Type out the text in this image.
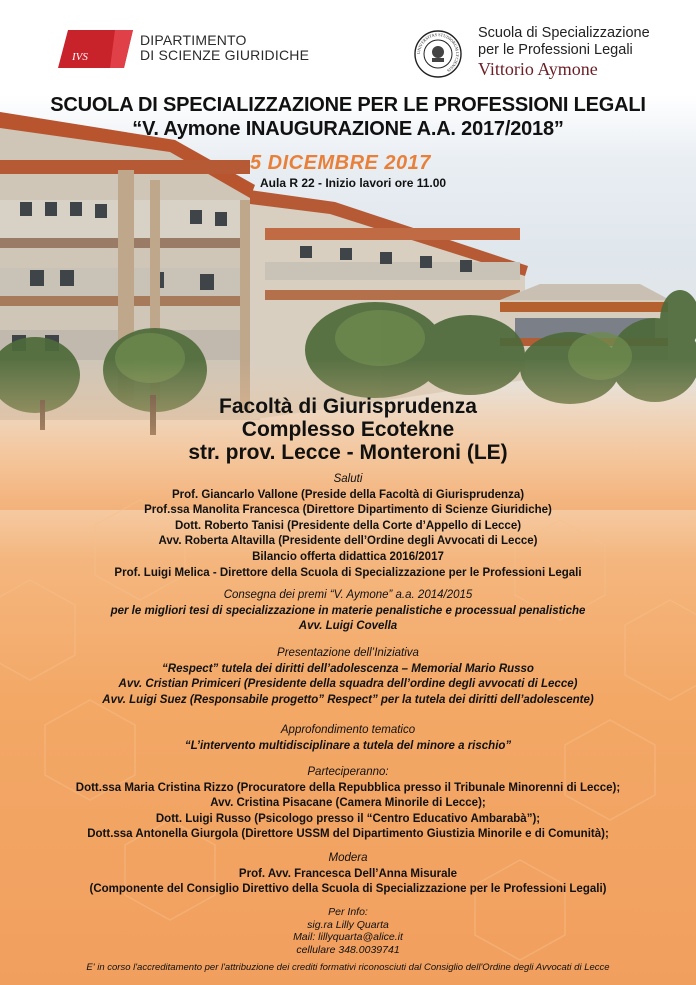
IVS
DIPARTIMENTO
DI SCIENZE GIURIDICHE	UNIVERSITAS STUDIORUM LYCIENSIS
Scuola di Specializzazione
per le Professioni Legali
Vittorio Aymone
SCUOLA DI SPECIALIZZAZIONE PER LE PROFESSIONI LEGALI
“V. Aymone INAUGURAZIONE A.A. 2017/2018”
5 DICEMBRE 2017
Aula R 22 - Inizio lavori ore 11.00
Facoltà di Giurisprudenza
Complesso Ecotekne
str. prov. Lecce - Monteroni (LE)
Saluti
Prof. Giancarlo Vallone (Preside della Facoltà di Giurisprudenza)
Prof.ssa Manolita Francesca (Direttore Dipartimento di Scienze Giuridiche)
Dott. Roberto Tanisi (Presidente della Corte d’Appello di Lecce)
Avv. Roberta Altavilla (Presidente dell’Ordine degli Avvocati di Lecce)
Bilancio offerta didattica 2016/2017
Prof. Luigi Melica - Direttore della Scuola di Specializzazione per le Professioni Legali
Consegna dei premi “V. Aymone” a.a. 2014/2015
per le migliori tesi di specializzazione in materie penalistiche e processual penalistiche
Avv. Luigi Covella
Presentazione dell’Iniziativa
“Respect” tutela dei diritti dell’adolescenza – Memorial Mario Russo
Avv. Cristian Primiceri (Presidente della squadra dell’ordine degli avvocati di Lecce)
Avv. Luigi Suez (Responsabile progetto” Respect” per la tutela dei diritti dell’adolescente)
Approfondimento tematico
“L’intervento multidisciplinare a tutela del minore a rischio”
Parteciperanno:
Dott.ssa Maria Cristina Rizzo (Procuratore della Repubblica presso il Tribunale Minorenni di Lecce);
Avv. Cristina Pisacane (Camera Minorile di Lecce);
Dott. Luigi Russo (Psicologo presso il “Centro Educativo Ambarabà”);
Dott.ssa Antonella Giurgola (Direttore USSM del Dipartimento Giustizia Minorile e di Comunità);
Modera
Prof. Avv. Francesca Dell’Anna Misurale
(Componente del Consiglio Direttivo della Scuola di Specializzazione per le Professioni Legali)
Per Info:
sig.ra Lilly Quarta
Mail: lillyquarta@alice.it
cellulare 348.0039741
E' in corso l'accreditamento per l'attribuzione dei crediti formativi riconosciuti dal Consiglio dell'Ordine degli Avvocati di Lecce
